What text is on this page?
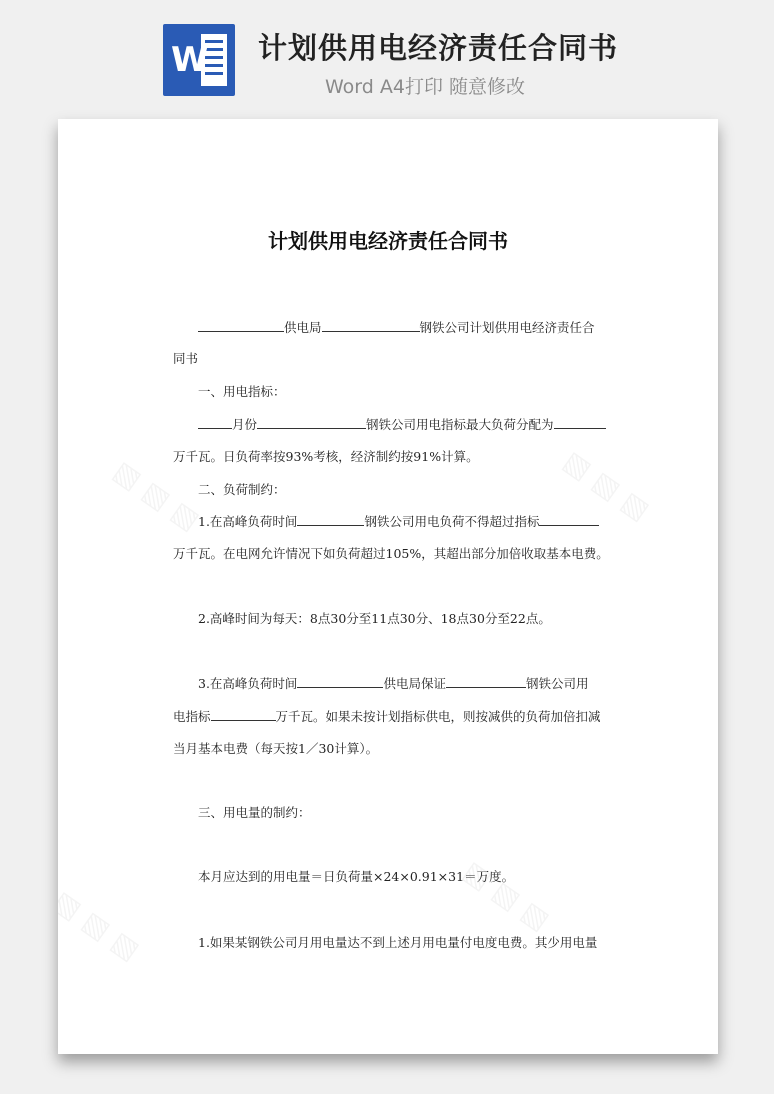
W 计划供用电经济责任合同书
Word A4打印 随意修改
计划供用电经济责任合同书
供电局	钢铁公司计划供用电经济责任合
同书
一、用电指标：
月份	钢铁公司用电指标最大负荷分配为
万千瓦。日负荷率按93%考核，经济制约按91%计算。
二、负荷制约：
1.在高峰负荷时间	钢铁公司用电负荷不得超过指标
万千瓦。在电网允许情况下如负荷超过105%，其超出部分加倍收取基本电费。
2.高峰时间为每天：8点30分至11点30分、18点30分至22点。
3.在高峰负荷时间	供电局保证	钢铁公司用
电指标	万千瓦。如果未按计划指标供电，则按减供的负荷加倍扣减
当月基本电费（每天按1／30计算）。
三、用电量的制约：
本月应达到的用电量＝日负荷量×24×0.91×31＝万度。
1.如果某钢铁公司月用电量达不到上述月用电量付电度电费。其少用电量
